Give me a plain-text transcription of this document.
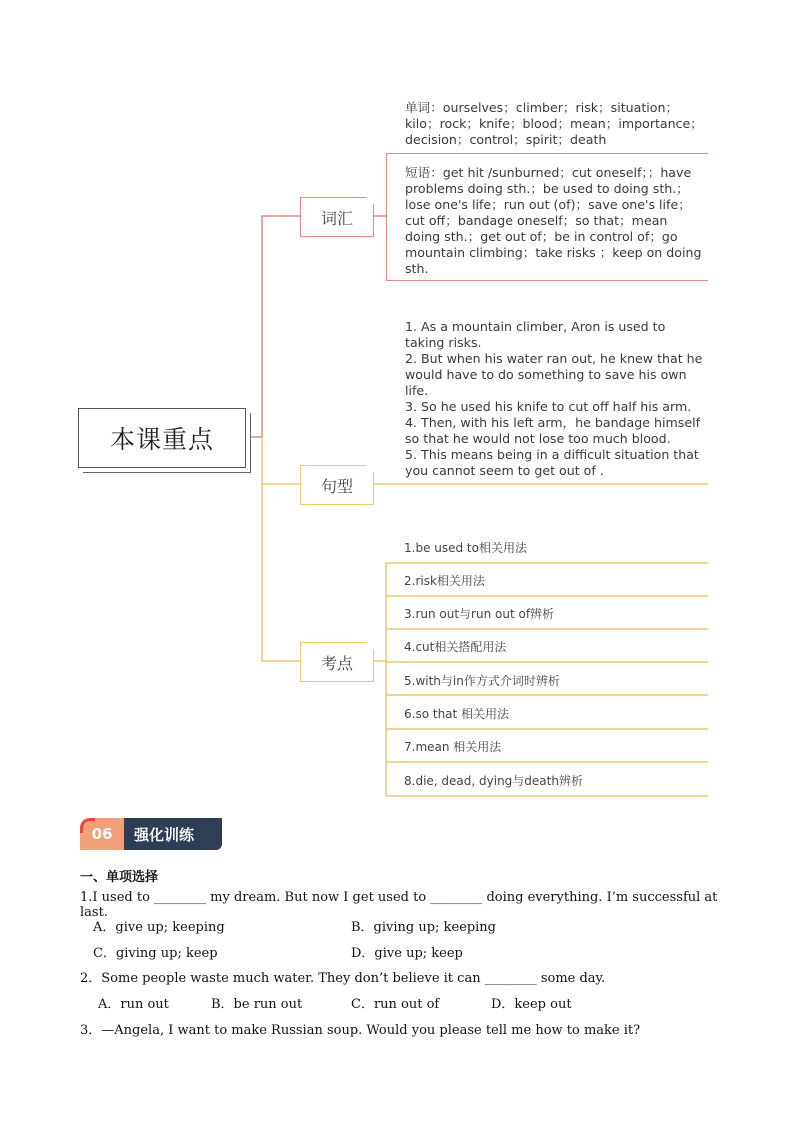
本课重点
词汇
单词：ourselves；climber；risk；situation；kilo；rock；knife；blood；mean；importance；decision；control；spirit；death
短语：get hit /sunburned；cut oneself；；have problems doing sth.；be used to doing sth.；lose one's life；run out (of)；save one's life；cut off；bandage oneself；so that；mean doing sth.；get out of；be in control of；go mountain climbing；take risks ；keep on doing sth.
句型
1. As a mountain climber, Aron is used to taking risks.
2. But when his water ran out, he knew that he would have to do something to save his own life.
3. So he used his knife to cut off half his arm.
4. Then, with his left arm，he bandage himself so that he would not lose too much blood.
5. This means being in a difficult situation that you cannot seem to get out of .
考点
1.be used to相关用法
2.risk相关用法
3.run out与run out of辨析
4.cut相关搭配用法
5.with与in作方式介词时辨析
6.so that 相关用法
7.mean 相关用法
8.die, dead, dying与death辨析
06	强化训练
一、单项选择
1.I used to ________ my dream. But now I get used to ________ doing everything. I’m successful at last.
A．give up; keeping	B．giving up; keeping
C．giving up; keep	D．give up; keep
2．Some people waste much water. They don’t believe it can ________ some day.
A．run out	B．be run out	C．run out of	D．keep out
3．—Angela, I want to make Russian soup. Would you please tell me how to make it?
